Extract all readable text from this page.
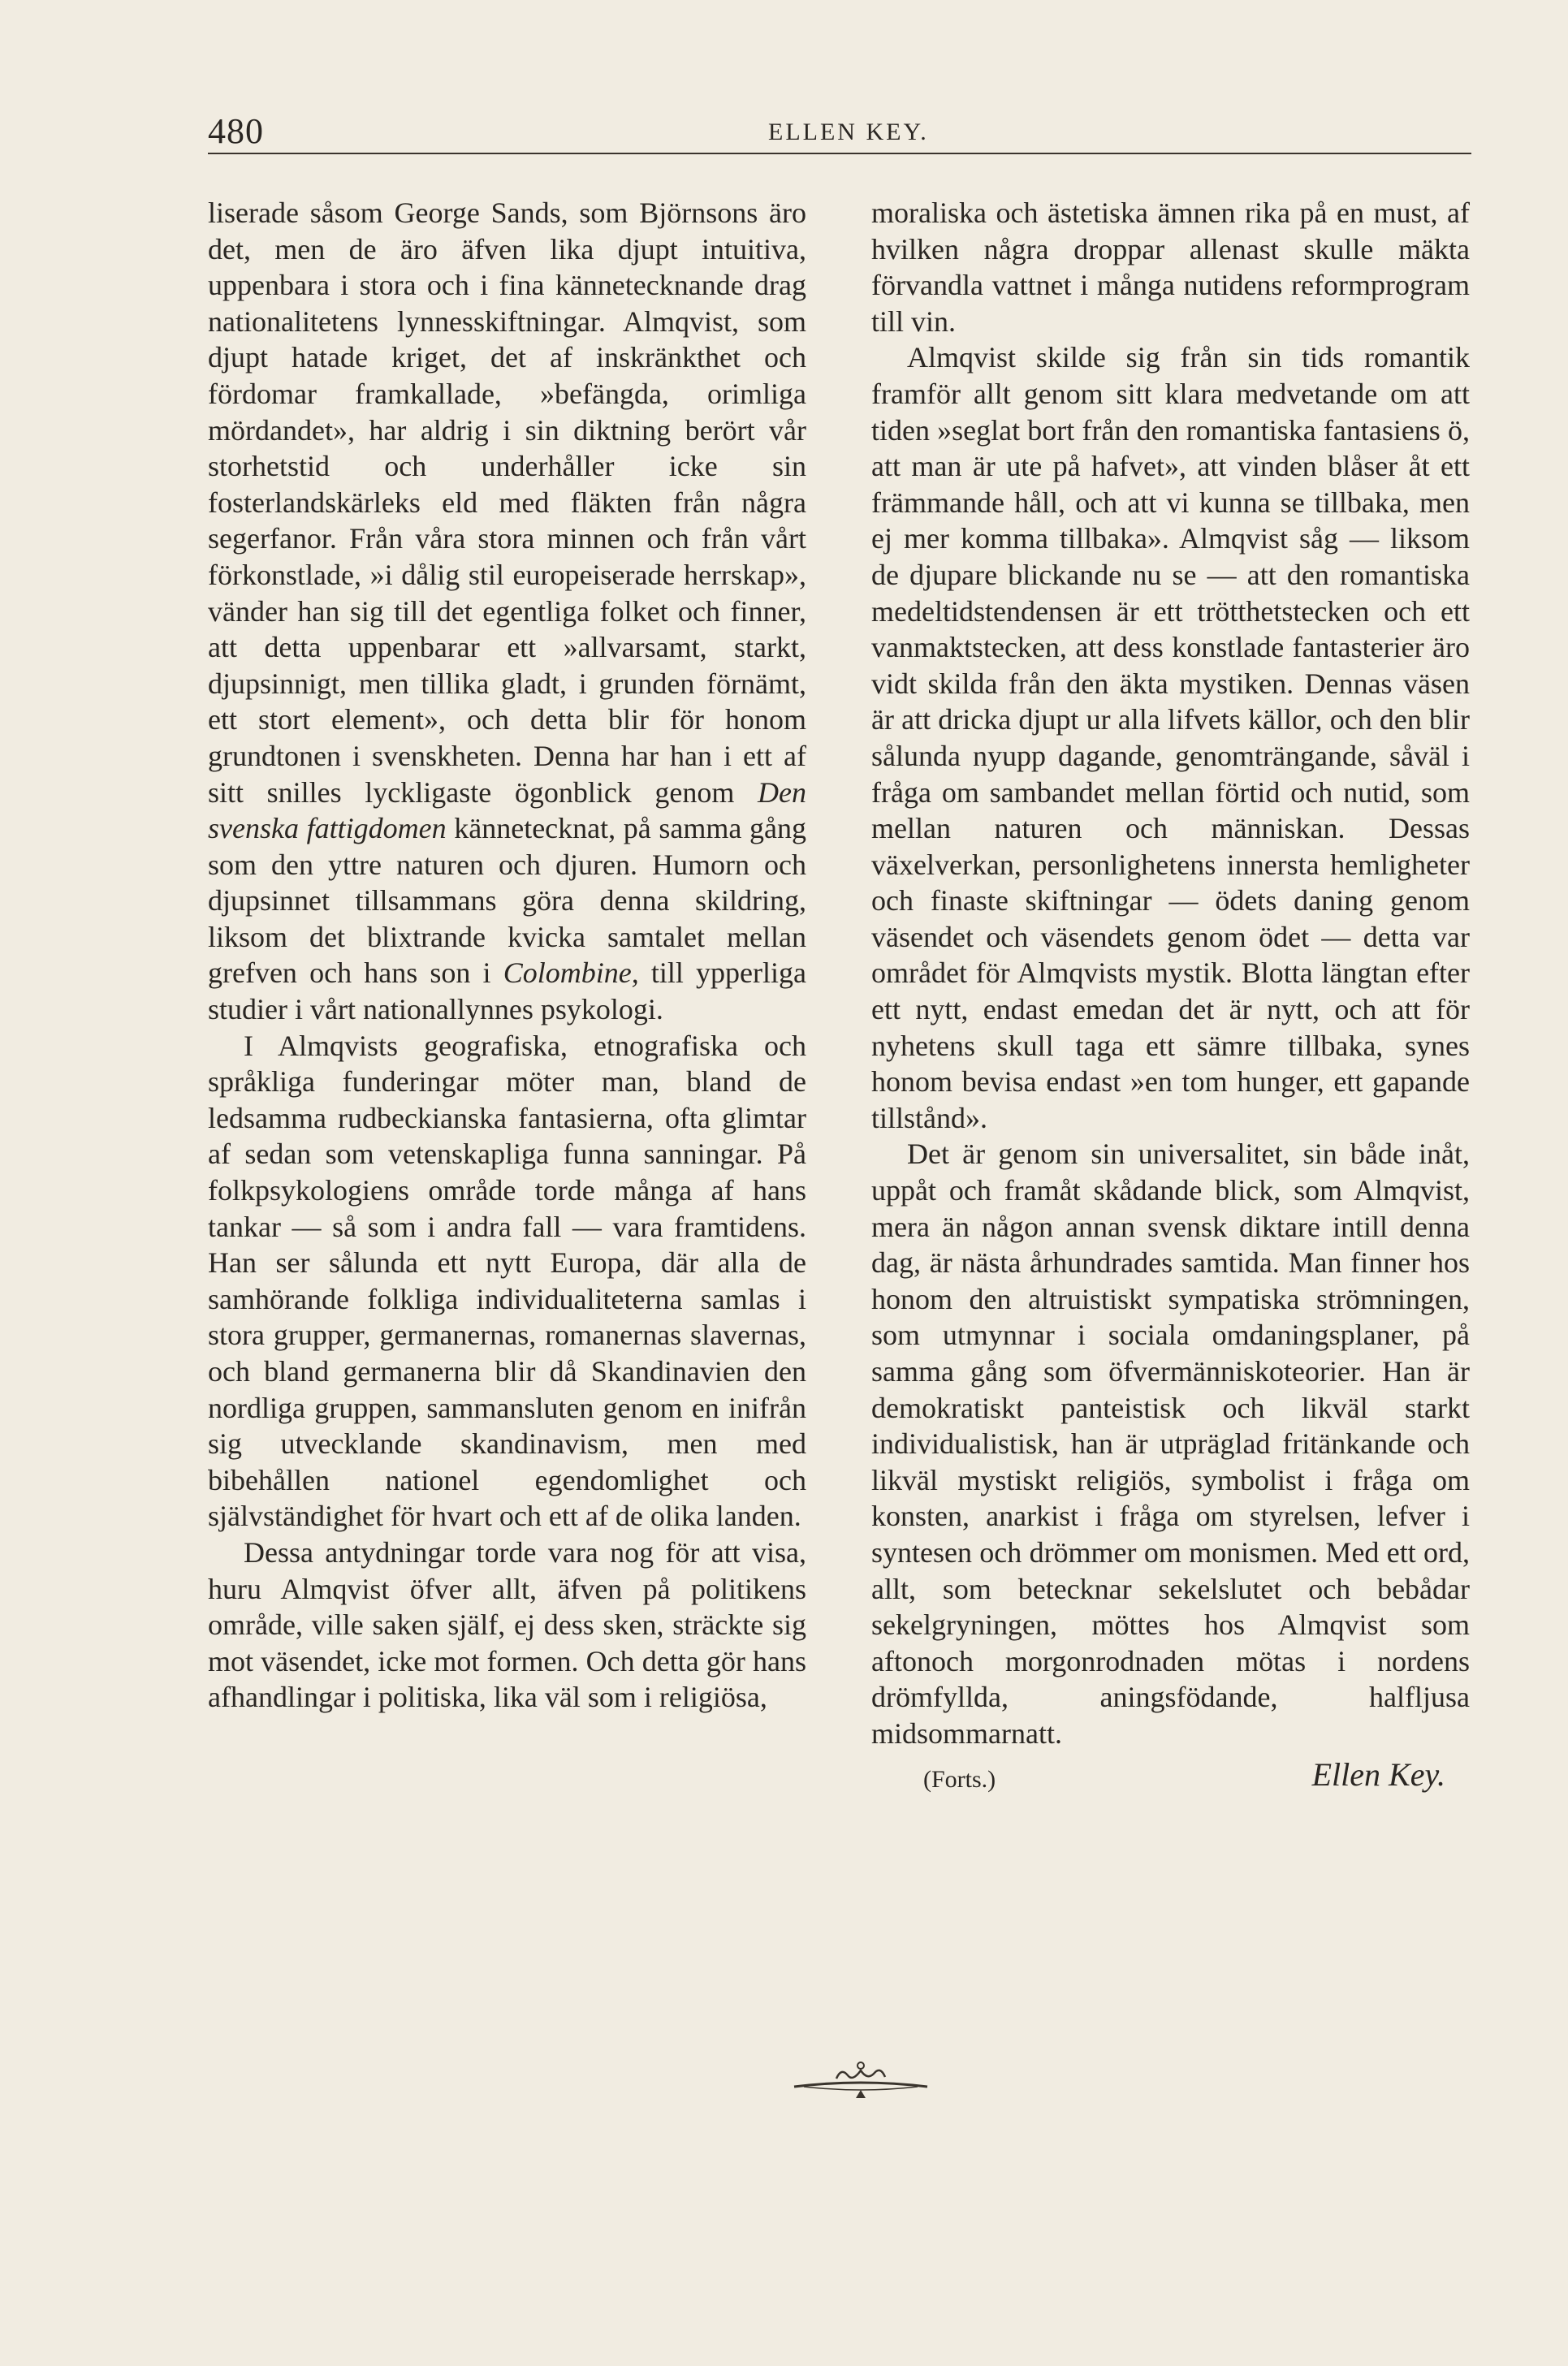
480	ELLEN KEY.

liserade såsom George Sands, som Björnsons äro det, men de äro äfven lika djupt intuitiva, uppenbara i stora och i fina kännetecknande drag nationalitetens lynnesskiftningar. Almqvist, som djupt hatade kriget, det af inskränkthet och fördomar framkallade, »befängda, orimliga mördandet», har aldrig i sin diktning berört vår storhetstid och underhåller icke sin fosterlandskärleks eld med fläkten från några segerfanor. Från våra stora minnen och från vårt förkonstlade, »i dålig stil europeiserade herrskap», vänder han sig till det egentliga folket och finner, att detta uppenbarar ett »allvarsamt, starkt, djupsinnigt, men tillika gladt, i grunden förnämt, ett stort element», och detta blir för honom grundtonen i svenskheten. Denna har han i ett af sitt snilles lyckligaste ögonblick genom Den svenska fattigdomen kännetecknat, på samma gång som den yttre naturen och djuren. Humorn och djupsinnet tillsammans göra denna skildring, liksom det blixtrande kvicka samtalet mellan grefven och hans son i Colombine, till ypperliga studier i vårt nationallynnes psykologi.

I Almqvists geografiska, etnografiska och språkliga funderingar möter man, bland de ledsamma rudbeckianska fantasierna, ofta glimtar af sedan som vetenskapliga funna sanningar. På folkpsykologiens område torde många af hans tankar — så som i andra fall — vara framtidens. Han ser sålunda ett nytt Europa, där alla de samhörande folkliga individualiteterna samlas i stora grupper, germanernas, romanernas slavernas, och bland germanerna blir då Skandinavien den nordliga gruppen, sammansluten genom en inifrån sig utvecklande skandinavism, men med bibehållen nationel egendomlighet och självständighet för hvart och ett af de olika landen.

Dessa antydningar torde vara nog för att visa, huru Almqvist öfver allt, äfven på politikens område, ville saken själf, ej dess sken, sträckte sig mot väsendet, icke mot formen. Och detta gör hans afhandlingar i politiska, lika väl som i religiösa,

moraliska och ästetiska ämnen rika på en must, af hvilken några droppar allenast skulle mäkta förvandla vattnet i många nutidens reformprogram till vin.

Almqvist skilde sig från sin tids romantik framför allt genom sitt klara medvetande om att tiden »seglat bort från den romantiska fantasiens ö, att man är ute på hafvet», att vinden blåser åt ett främmande håll, och att vi kunna se tillbaka, men ej mer komma tillbaka». Almqvist såg — liksom de djupare blickande nu se — att den romantiska medeltidstendensen är ett trötthetstecken och ett vanmaktstecken, att dess konstlade fantasterier äro vidt skilda från den äkta mystiken. Dennas väsen är att dricka djupt ur alla lifvets källor, och den blir sålunda nyupp dagande, genomträngande, såväl i fråga om sambandet mellan förtid och nutid, som mellan naturen och människan. Dessas växelverkan, personlighetens innersta hemligheter och finaste skiftningar — ödets daning genom väsendet och väsendets genom ödet — detta var området för Almqvists mystik. Blotta längtan efter ett nytt, endast emedan det är nytt, och att för nyhetens skull taga ett sämre tillbaka, synes honom bevisa endast »en tom hunger, ett gapande tillstånd».

Det är genom sin universalitet, sin både inåt, uppåt och framåt skådande blick, som Almqvist, mera än någon annan svensk diktare intill denna dag, är nästa århundrades samtida. Man finner hos honom den altruistiskt sympatiska strömningen, som utmynnar i sociala omdaningsplaner, på samma gång som öfvermänniskoteorier. Han är demokratiskt panteistisk och likväl starkt individualistisk, han är utpräglad fritänkande och likväl mystiskt religiös, symbolist i fråga om konsten, anarkist i fråga om styrelsen, lefver i syntesen och drömmer om monismen. Med ett ord, allt, som betecknar sekelslutet och bebådar sekelgryningen, möttes hos Almqvist som aftonoch morgonrodnaden mötas i nordens drömfyllda, aningsfödande, halfljusa midsommarnatt.

(Forts.)	Ellen Key.
